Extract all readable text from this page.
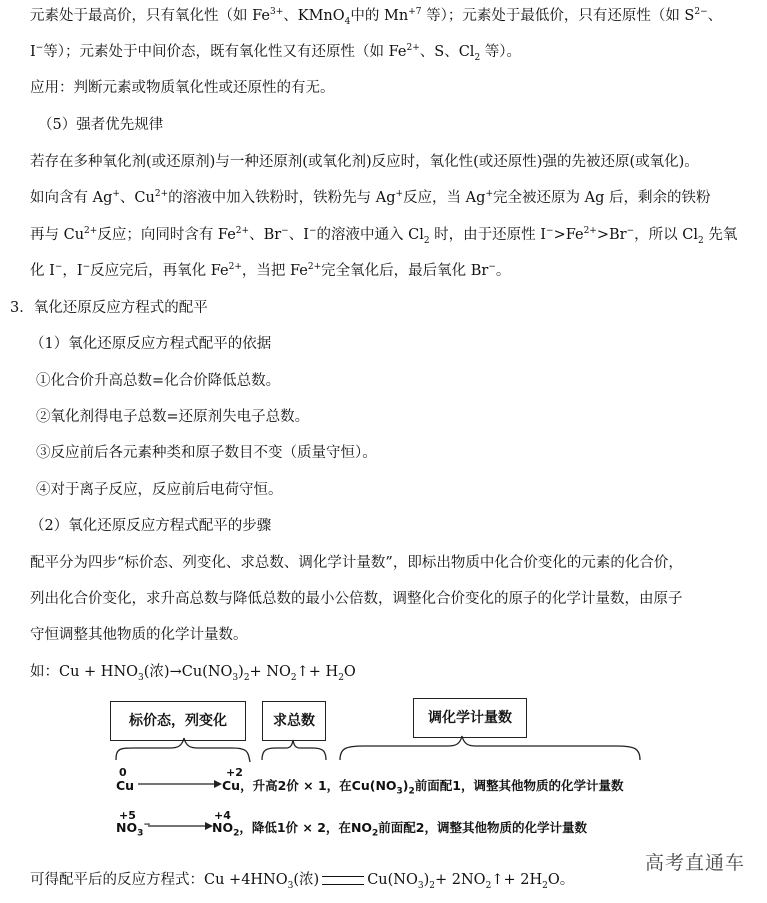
元素处于最高价，只有氧化性（如 $Fe^{3+}$、KMnO$_4$中的 $Mn^{+7}$ 等）；元素处于最低价，只有还原性（如 $S^{2-}$、
I−等）；元素处于中间价态，既有氧化性又有还原性（如 $Fe^{2+}$、S、$Cl_2$ 等）。
应用：判断元素或物质氧化性或还原性的有无。
（5）强者优先规律
若存在多种氧化剂(或还原剂)与一种还原剂(或氧化剂)反应时，氧化性(或还原性)强的先被还原(或氧化)。
如向含有 Ag+、$Cu^{2+}$的溶液中加入铁粉时，铁粉先与 Ag+反应，当 Ag+完全被还原为 Ag 后，剩余的铁粉
再与 $Cu^{2+}$反应；向同时含有 $Fe^{2+}$、Br−、I−的溶液中通入 $Cl_2$ 时，由于还原性 $I^->Fe^{2+}>Br^-$，所以 $Cl_2$ 先氧
化 I−，I−反应完后，再氧化 $Fe^{2+}$，当把 $Fe^{2+}$完全氧化后，最后氧化 Br−。
3．氧化还原反应方程式的配平
（1）氧化还原反应方程式配平的依据
①化合价升高总数=化合价降低总数。
②氧化剂得电子总数=还原剂失电子总数。
③反应前后各元素种类和原子数目不变（质量守恒）。
④对于离子反应，反应前后电荷守恒。
（2）氧化还原反应方程式配平的步骤
配平分为四步“标价态、列变化、求总数、调化学计量数”，即标出物质中化合价变化的元素的化合价，
列出化合价变化，求升高总数与降低总数的最小公倍数，调整化合价变化的原子的化学计量数，由原子
守恒调整其他物质的化学计量数。
如：$Cu + HNO_3$(浓)$\to Cu(NO_3)_2+$ $NO_2↑+ H_2O$
标价态，列变化	求总数	调化学计量数
0
Cu
+2
Cu，升高2价 × 1，在$Cu(NO_3)_2$前面配1，调整其他物质的化学计量数
+5
$NO_3^-$
+4
$NO_2$，降低1价 × 2，在$NO_2$前面配2，调整其他物质的化学计量数
可得配平后的反应方程式：$Cu +4HNO_3$(浓)	$Cu(NO_3)_2+$ $2NO_2↑+ 2H_2O$。
高考直通车
